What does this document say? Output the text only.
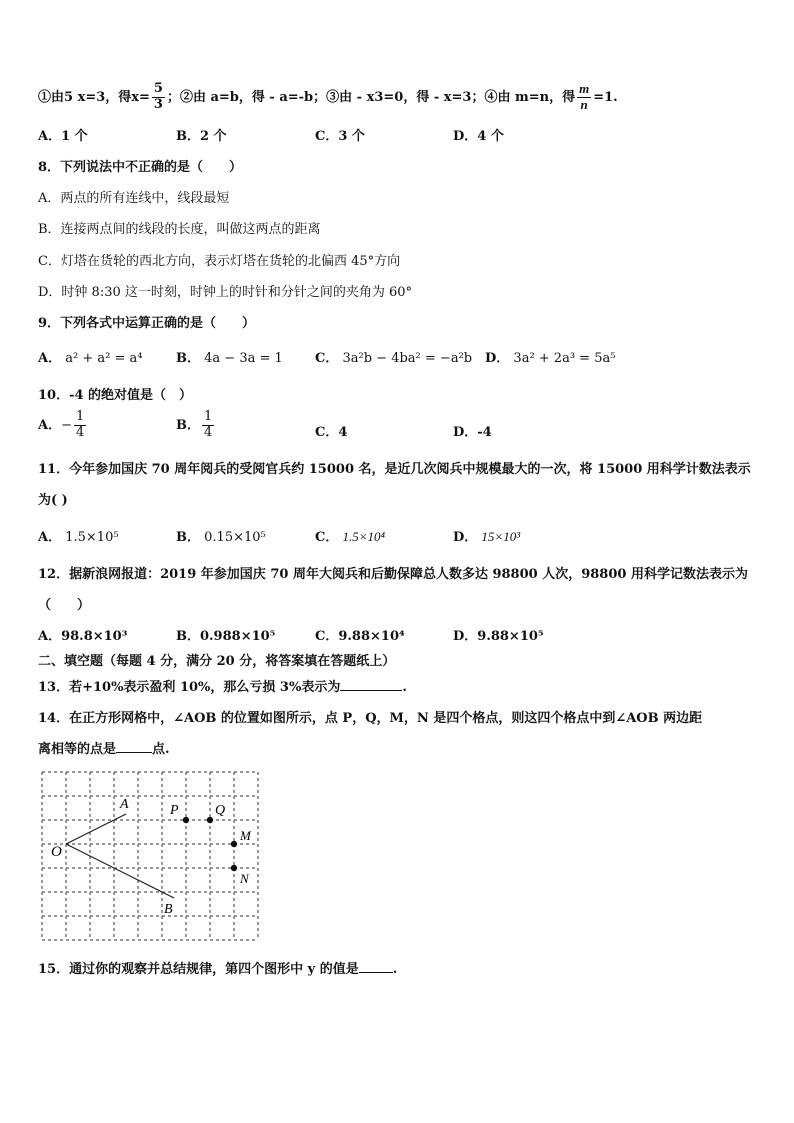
①由5 x=3，得$x= \frac{5}{3}$ ；②由 a=b，得 - a=-b；③由 - x3=0，得 - x=3；④由 m=n，得 $\frac{m}{n} =1$.
A．1 个	B．2 个	C．3 个	D．4 个
8．下列说法中不正确的是（　　）
A．两点的所有连线中，线段最短
B．连接两点间的线段的长度，叫做这两点的距离
C．灯塔在货轮的西北方向，表示灯塔在货轮的北偏西 45°方向
D．时钟 8:30 这一时刻，时钟上的时针和分针之间的夹角为 60°
9．下列各式中运算正确的是（　　）
A． a² + a² = a⁴	B． 4a − 3a = 1 C． 3a²b − 4ba² = −a²b D． 3a² + 2a³ = 5a⁵
10．-4 的绝对值是（　）
A．− $\frac{1}{4}$	B． $\frac{1}{4}$	C．4	D．-4
11．今年参加国庆 70 周年阅兵的受阅官兵约 15000 名，是近几次阅兵中规模最大的一次，将 15000 用科学计数法表示
为( )
A． 1.5×10⁵	B． 0.15×10⁵	C． 1.5×10⁴	D． 15×10³
12．据新浪网报道：2019 年参加国庆 70 周年大阅兵和后勤保障总人数多达 98800 人次，98800 用科学记数法表示为
（　　）
A．98.8×10³	B．0.988×10⁵	C．9.88×10⁴	D．9.88×10⁵
二、填空题（每题 4 分，满分 20 分，将答案填在答题纸上）
13．若+10%表示盈利 10%，那么亏损 3%表示为	.
14．在正方形网格中，∠AOB 的位置如图所示，点 P，Q，M，N 是四个格点，则这四个格点中到∠AOB 两边距
离相等的点是	点.
A
O
B
P	Q
M
N
15．通过你的观察并总结规律，第四个图形中 y 的值是	.
